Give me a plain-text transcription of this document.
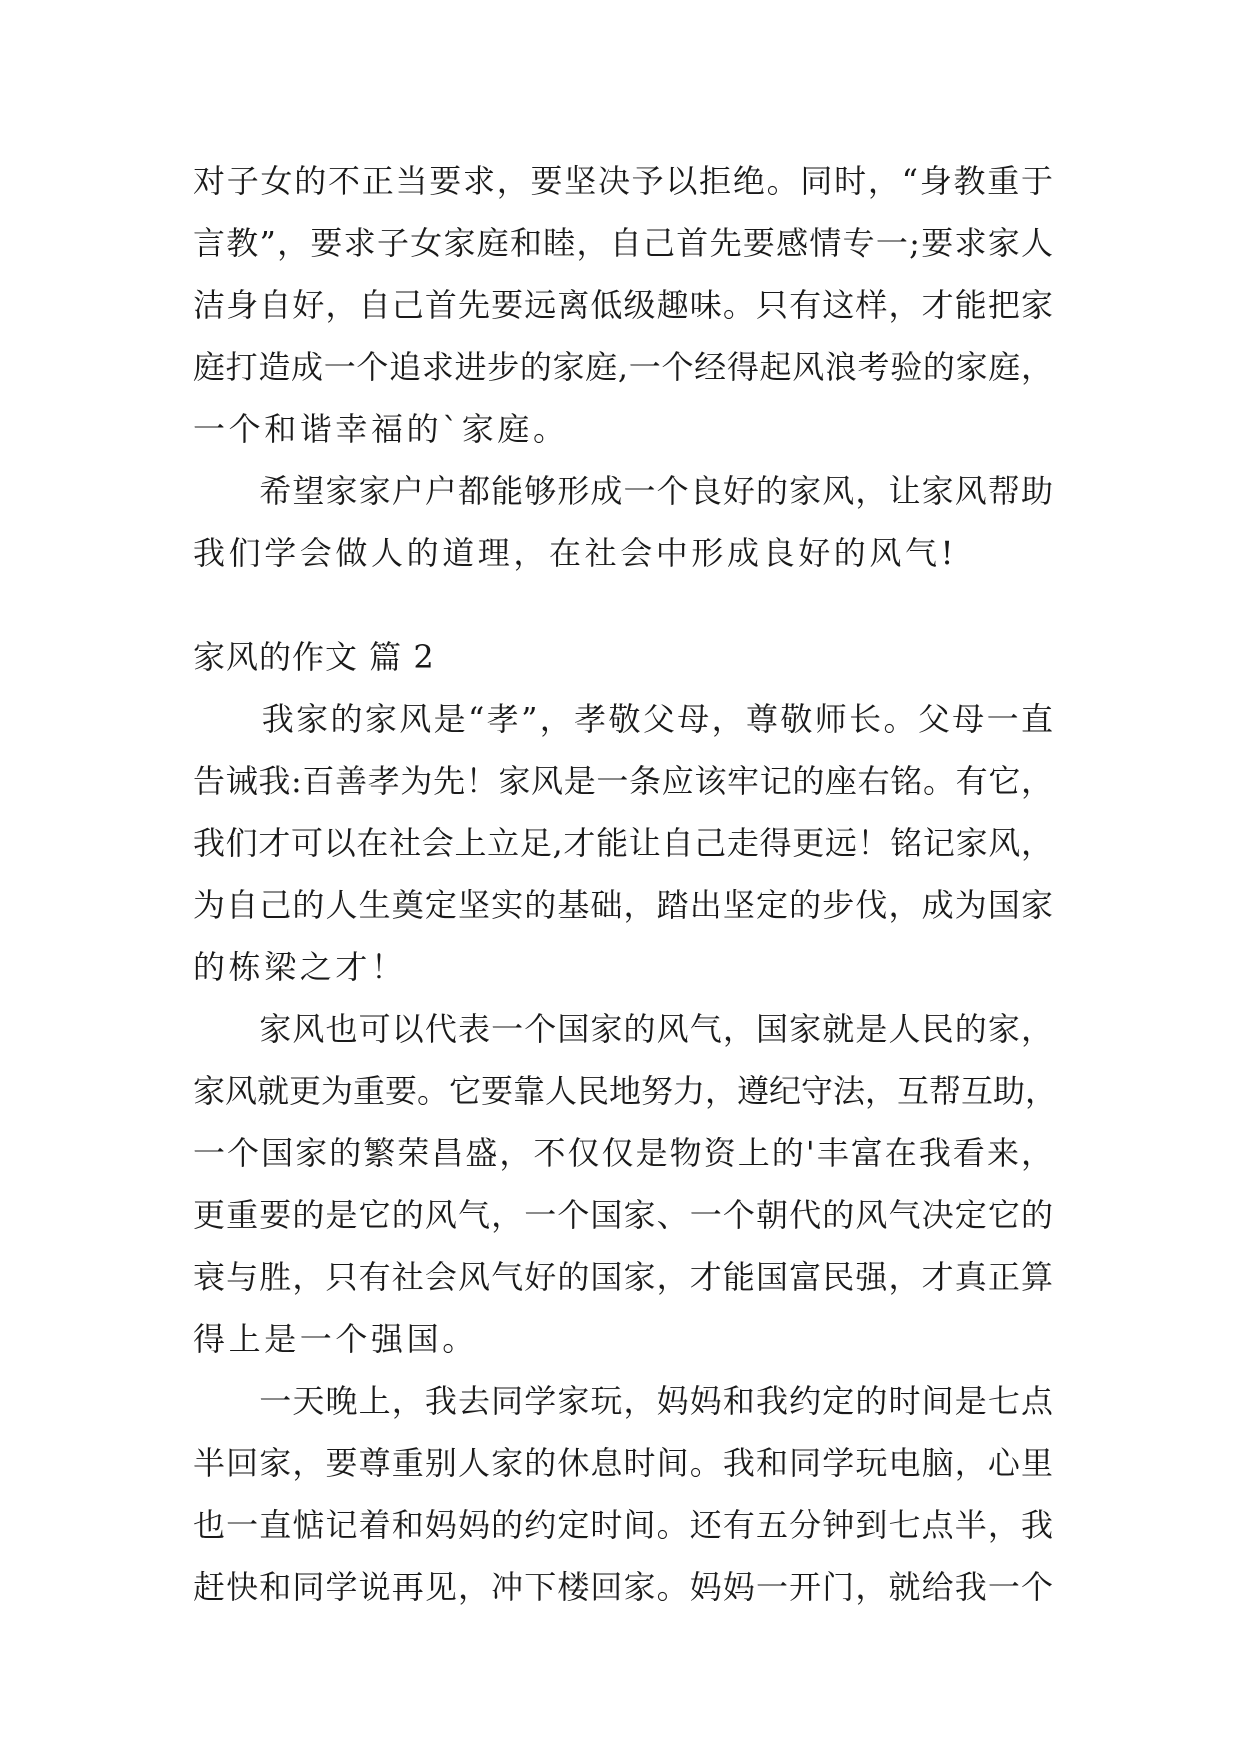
对子女的不正当要求，要坚决予以拒绝。同时，“身教重于
言教”，要求子女家庭和睦，自己首先要感情专一;要求家人
洁身自好，自己首先要远离低级趣味。只有这样，才能把家
庭打造成一个追求进步的家庭,一个经得起风浪考验的家庭，
一个和谐幸福的`家庭。
　　希望家家户户都能够形成一个良好的家风，让家风帮助
我们学会做人的道理，在社会中形成良好的风气!
家风的作文 篇 2
　　我家的家风是“孝”，孝敬父母，尊敬师长。父母一直
告诫我:百善孝为先！家风是一条应该牢记的座右铭。有它，
我们才可以在社会上立足,才能让自己走得更远！铭记家风，
为自己的人生奠定坚实的基础，踏出坚定的步伐，成为国家
的栋梁之才！
　　家风也可以代表一个国家的风气，国家就是人民的家，
家风就更为重要。它要靠人民地努力，遵纪守法，互帮互助，
一个国家的繁荣昌盛，不仅仅是物资上的'丰富在我看来，
更重要的是它的风气，一个国家、一个朝代的风气决定它的
衰与胜，只有社会风气好的国家，才能国富民强，才真正算
得上是一个强国。
　　一天晚上，我去同学家玩，妈妈和我约定的时间是七点
半回家，要尊重别人家的休息时间。我和同学玩电脑，心里
也一直惦记着和妈妈的约定时间。还有五分钟到七点半，我
赶快和同学说再见，冲下楼回家。妈妈一开门，就给我一个
